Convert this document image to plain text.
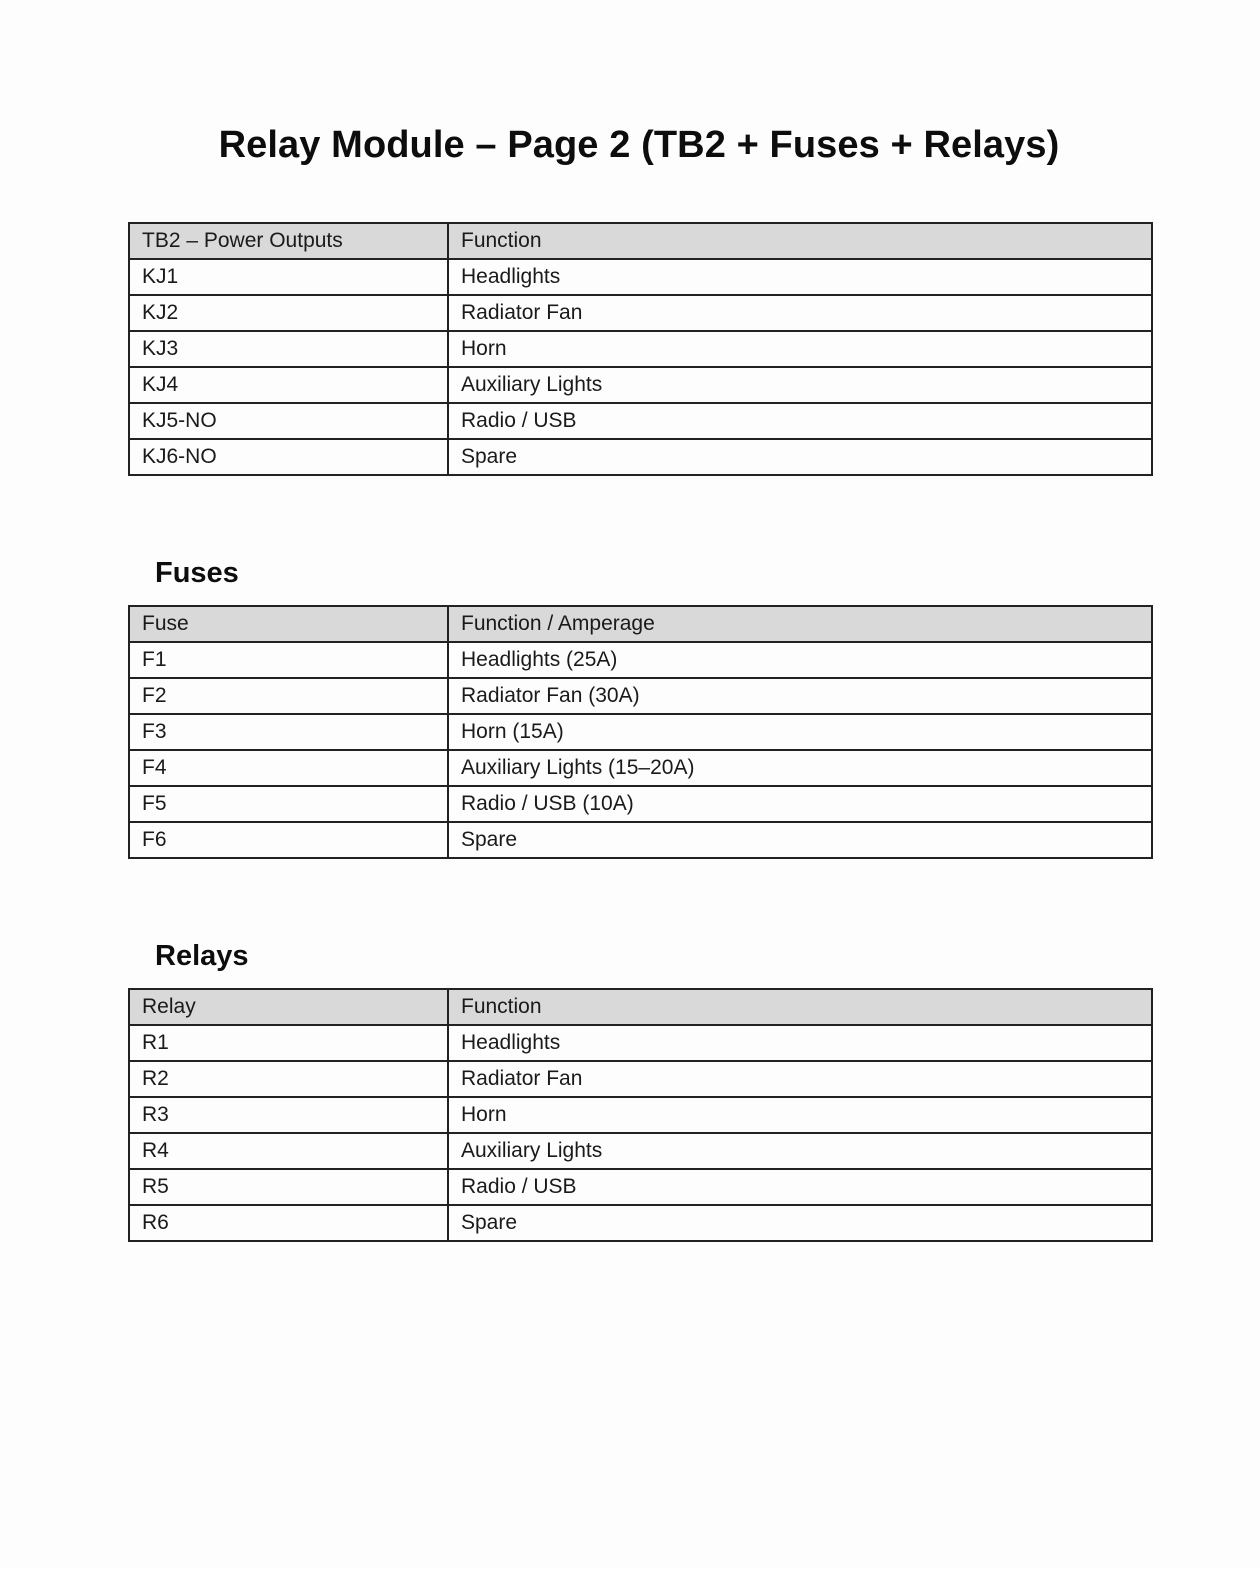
Relay Module – Page 2 (TB2 + Fuses + Relays)
TB2 – Power Outputs	Function
KJ1	Headlights
KJ2	Radiator Fan
KJ3	Horn
KJ4	Auxiliary Lights
KJ5-NO	Radio / USB
KJ6-NO	Spare
Fuses
Fuse	Function / Amperage
F1	Headlights (25A)
F2	Radiator Fan (30A)
F3	Horn (15A)
F4	Auxiliary Lights (15–20A)
F5	Radio / USB (10A)
F6	Spare
Relays
Relay	Function
R1	Headlights
R2	Radiator Fan
R3	Horn
R4	Auxiliary Lights
R5	Radio / USB
R6	Spare
